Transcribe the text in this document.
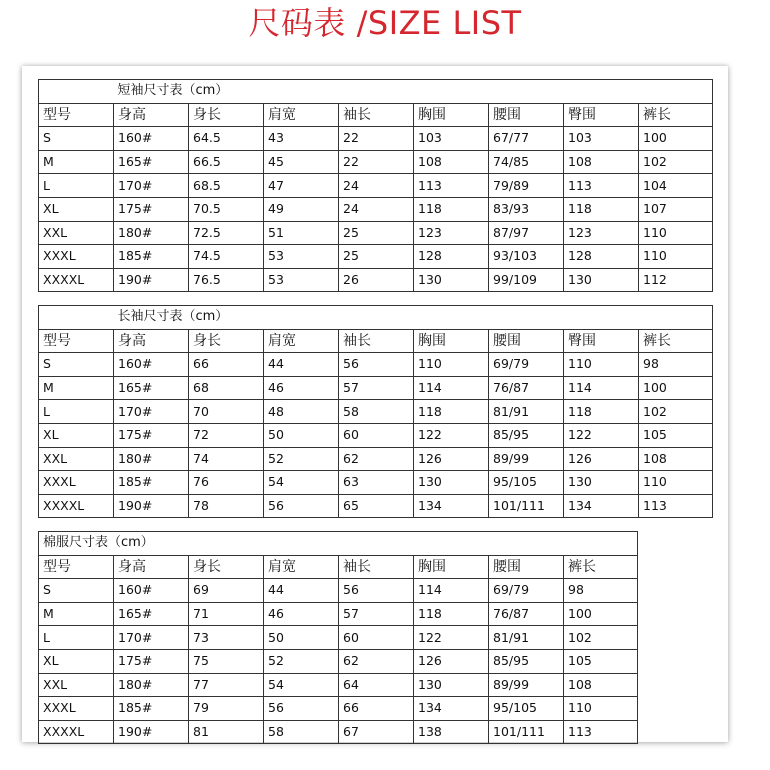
尺码表 /SIZE LIST
	短袖尺寸表（cm）							
型号	身高	身长	肩宽	袖长	胸围	腰围	臀围	裤长
S	160#	64.5	43	22	103	67/77	103	100
M	165#	66.5	45	22	108	74/85	108	102
L	170#	68.5	47	24	113	79/89	113	104
XL	175#	70.5	49	24	118	83/93	118	107
XXL	180#	72.5	51	25	123	87/97	123	110
XXXL	185#	74.5	53	25	128	93/103	128	110
XXXXL	190#	76.5	53	26	130	99/109	130	112
	长袖尺寸表（cm）							
型号	身高	身长	肩宽	袖长	胸围	腰围	臀围	裤长
S	160#	66	44	56	110	69/79	110	98
M	165#	68	46	57	114	76/87	114	100
L	170#	70	48	58	118	81/91	118	102
XL	175#	72	50	60	122	85/95	122	105
XXL	180#	74	52	62	126	89/99	126	108
XXXL	185#	76	54	63	130	95/105	130	110
XXXXL	190#	78	56	65	134	101/111	134	113
棉服尺寸表（cm）							
型号	身高	身长	肩宽	袖长	胸围	腰围	裤长
S	160#	69	44	56	114	69/79	98
M	165#	71	46	57	118	76/87	100
L	170#	73	50	60	122	81/91	102
XL	175#	75	52	62	126	85/95	105
XXL	180#	77	54	64	130	89/99	108
XXXL	185#	79	56	66	134	95/105	110
XXXXL	190#	81	58	67	138	101/111	113
